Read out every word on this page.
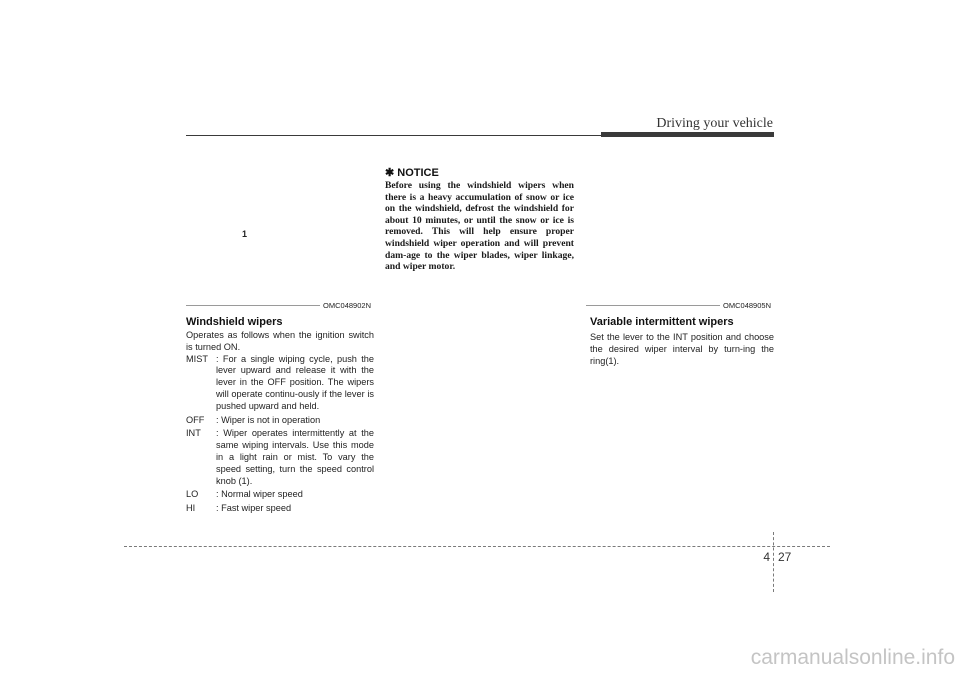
Driving your vehicle
1
OMC048902N
Windshield wipers
Operates as follows when the ignition switch is turned ON.
MIST : For a single wiping cycle, push the lever upward and release it with the lever in the OFF position. The wipers will operate continu-ously if the lever is pushed upward and held.
OFF	: Wiper is not in operation
INT	: Wiper operates intermittently at the same wiping intervals. Use this mode in a light rain or mist. To vary the speed setting, turn the speed control knob (1).
LO	: Normal wiper speed
HI	: Fast wiper speed
✱ NOTICE
Before using the windshield wipers when there is a heavy accumulation of snow or ice on the windshield, defrost the windshield for about 10 minutes, or until the snow or ice is removed. This will help ensure proper windshield wiper operation and will prevent dam-age to the wiper blades, wiper linkage, and wiper motor.
OMC048905N
Variable intermittent wipers
Set the lever to the INT position and choose the desired wiper interval by turn-ing the ring(1).
4 27
carmanualsonline.info
